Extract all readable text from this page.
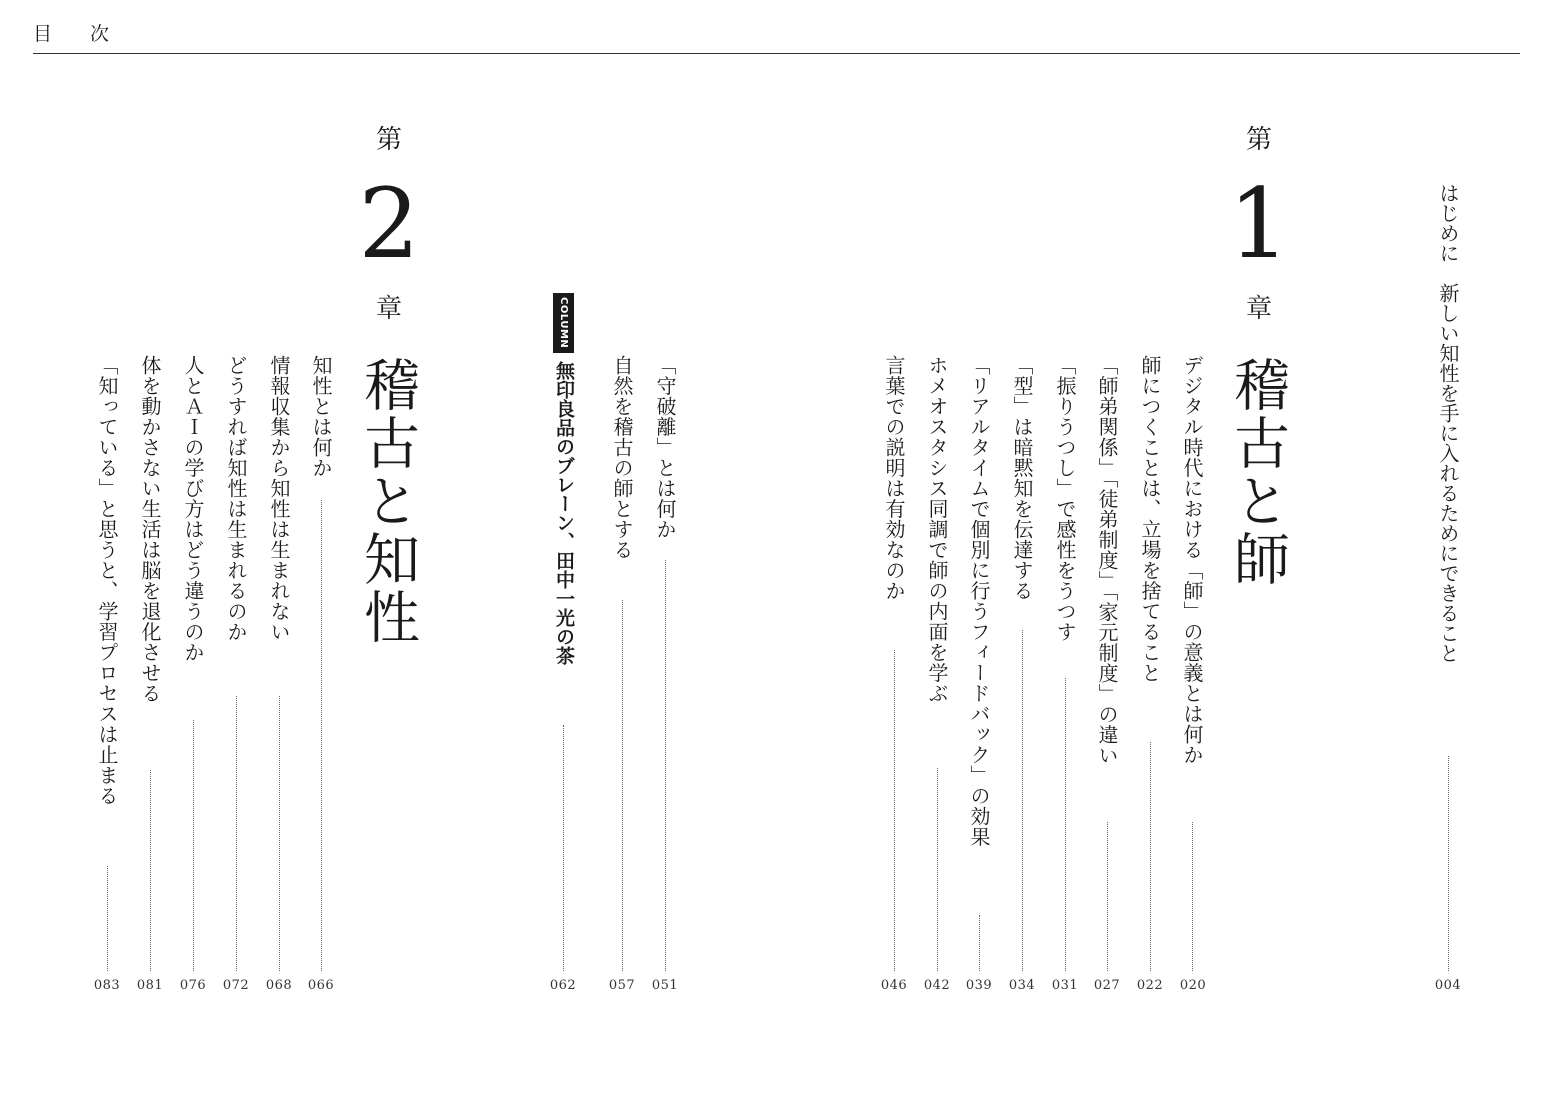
目 次
はじめに　新しい知性を手に入れるためにできること
004
第
1
章
稽古と師
デジタル時代における「師」の意義とは何か
020
師につくことは、立場を捨てること
022
「師弟関係」「徒弟制度」「家元制度」の違い
027
「振りうつし」で感性をうつす
031
「型」は暗黙知を伝達する
034
「リアルタイムで個別に行うフィードバック」の効果
039
ホメオスタシス同調で師の内面を学ぶ
042
言葉での説明は有効なのか
046
「守破離」とは何か
051
自然を稽古の師とする
057
COLUMN
無印良品のブレーン、田中一光の茶
062
第
2
章
稽古と知性
知性とは何か
066
情報収集から知性は生まれない
068
どうすれば知性は生まれるのか
072
人とＡＩの学び方はどう違うのか
076
体を動かさない生活は脳を退化させる
081
「知っている」と思うと、学習プロセスは止まる
083
